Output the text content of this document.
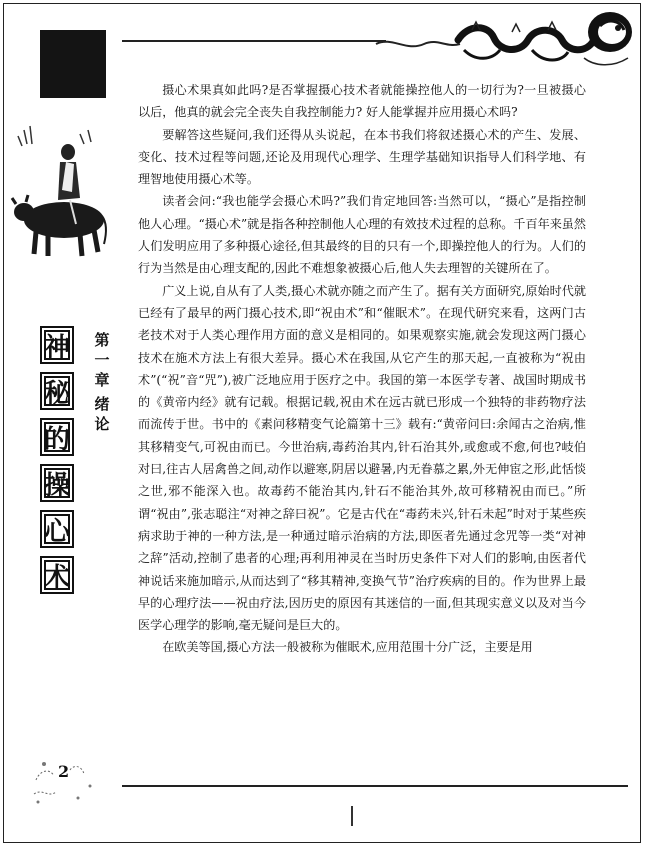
神
秘
的
操
心
术
第
一
章
绪
论

摄心术果真如此吗?是否掌握摄心技术者就能操控他人的一切行为?一旦被摄心以后，他真的就会完全丧失自我控制能力? 好人能掌握并应用摄心术吗?

要解答这些疑问,我们还得从头说起，在本书我们将叙述摄心术的产生、发展、变化、技术过程等问题,还论及用现代心理学、生理学基础知识指导人们科学地、有理智地使用摄心术等。

读者会问:“我也能学会摄心术吗?”我们肯定地回答:当然可以，“摄心”是指控制他人心理。“摄心术”就是指各种控制他人心理的有效技术过程的总称。千百年来虽然人们发明应用了多种摄心途径,但其最终的目的只有一个,即操控他人的行为。人们的行为当然是由心理支配的,因此不难想象被摄心后,他人失去理智的关键所在了。

广义上说,自从有了人类,摄心术就亦随之而产生了。据有关方面研究,原始时代就已经有了最早的两门摄心技术,即“祝由术”和“催眠术”。在现代研究来看，这两门古老技术对于人类心理作用方面的意义是相同的。如果观察实施,就会发现这两门摄心技术在施术方法上有很大差异。摄心术在我国,从它产生的那天起,一直被称为“祝由术”(“祝”音“咒”),被广泛地应用于医疗之中。我国的第一本医学专著、战国时期成书的《黄帝内经》就有记载。根据记载,祝由术在远古就已形成一个独特的非药物疗法而流传于世。书中的《素问移精变气论篇第十三》载有:“黄帝问曰:余闻古之治病,惟其移精变气,可祝由而已。今世治病,毒药治其内,针石治其外,或愈或不愈,何也?岐伯对曰,往古人居禽兽之间,动作以避寒,阴居以避暑,内无眷慕之累,外无伸宦之形,此恬惔之世,邪不能深入也。故毒药不能治其内,针石不能治其外,故可移精祝由而已。”所谓“祝由”,张志聪注“对神之辞曰祝”。它是古代在“毒药未兴,针石未起”时对于某些疾病求助于神的一种方法,是一种通过暗示治病的方法,即医者先通过念咒等一类“对神之辞”活动,控制了患者的心理;再利用神灵在当时历史条件下对人们的影响,由医者代神说话来施加暗示,从而达到了“移其精神,变换气节”治疗疾病的目的。作为世界上最早的心理疗法——祝由疗法,因历史的原因有其迷信的一面,但其现实意义以及对当今医学心理学的影响,毫无疑问是巨大的。

在欧美等国,摄心方法一般被称为催眠术,应用范围十分广泛，主要是用

2
